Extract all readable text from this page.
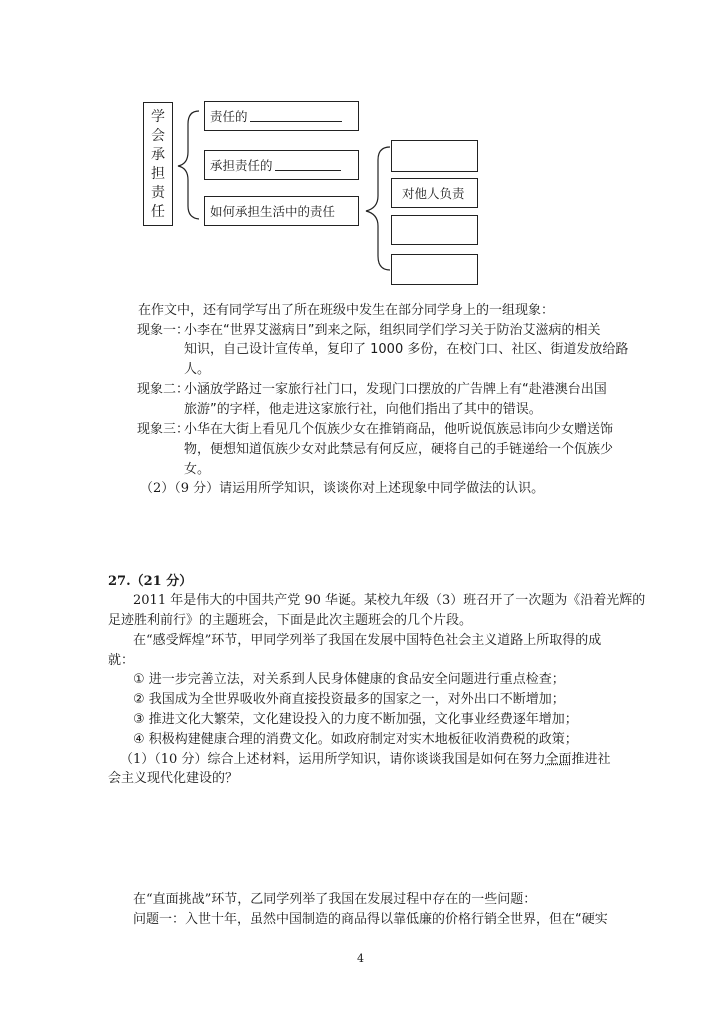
学
会
承
担
责
任
责任的
承担责任的
如何承担生活中的责任
对他人负责
在作文中，还有同学写出了所在班级中发生在部分同学身上的一组现象：
现象一：
小李在“世界艾滋病日”到来之际，组织同学们学习关于防治艾滋病的相关
知识，自己设计宣传单，复印了 1000 多份，在校门口、社区、街道发放给路
人。
现象二：
小涵放学路过一家旅行社门口，发现门口摆放的广告牌上有“赴港澳台出国
旅游”的字样，他走进这家旅行社，向他们指出了其中的错误。
现象三：
小华在大街上看见几个佤族少女在推销商品，他听说佤族忌讳向少女赠送饰
物，便想知道佤族少女对此禁忌有何反应，硬将自己的手链递给一个佤族少
女。
（2）（9 分）请运用所学知识，谈谈你对上述现象中同学做法的认识。
27.（21 分）
2011 年是伟大的中国共产党 90 华诞。某校九年级（3）班召开了一次题为《沿着光辉的
足迹胜利前行》的主题班会，下面是此次主题班会的几个片段。
在“感受辉煌”环节，甲同学列举了我国在发展中国特色社会主义道路上所取得的成
就：
① 进一步完善立法，对关系到人民身体健康的食品安全问题进行重点检查；
② 我国成为全世界吸收外商直接投资最多的国家之一，对外出口不断增加；
③ 推进文化大繁荣，文化建设投入的力度不断加强，文化事业经费逐年增加；
④ 积极构建健康合理的消费文化。如政府制定对实木地板征收消费税的政策；
（1）（10 分）综合上述材料，运用所学知识，请你谈谈我国是如何在努力全面推进社
会主义现代化建设的？
在“直面挑战”环节，乙同学列举了我国在发展过程中存在的一些问题：
问题一： 入世十年，虽然中国制造的商品得以靠低廉的价格行销全世界，但在“硬实
4
